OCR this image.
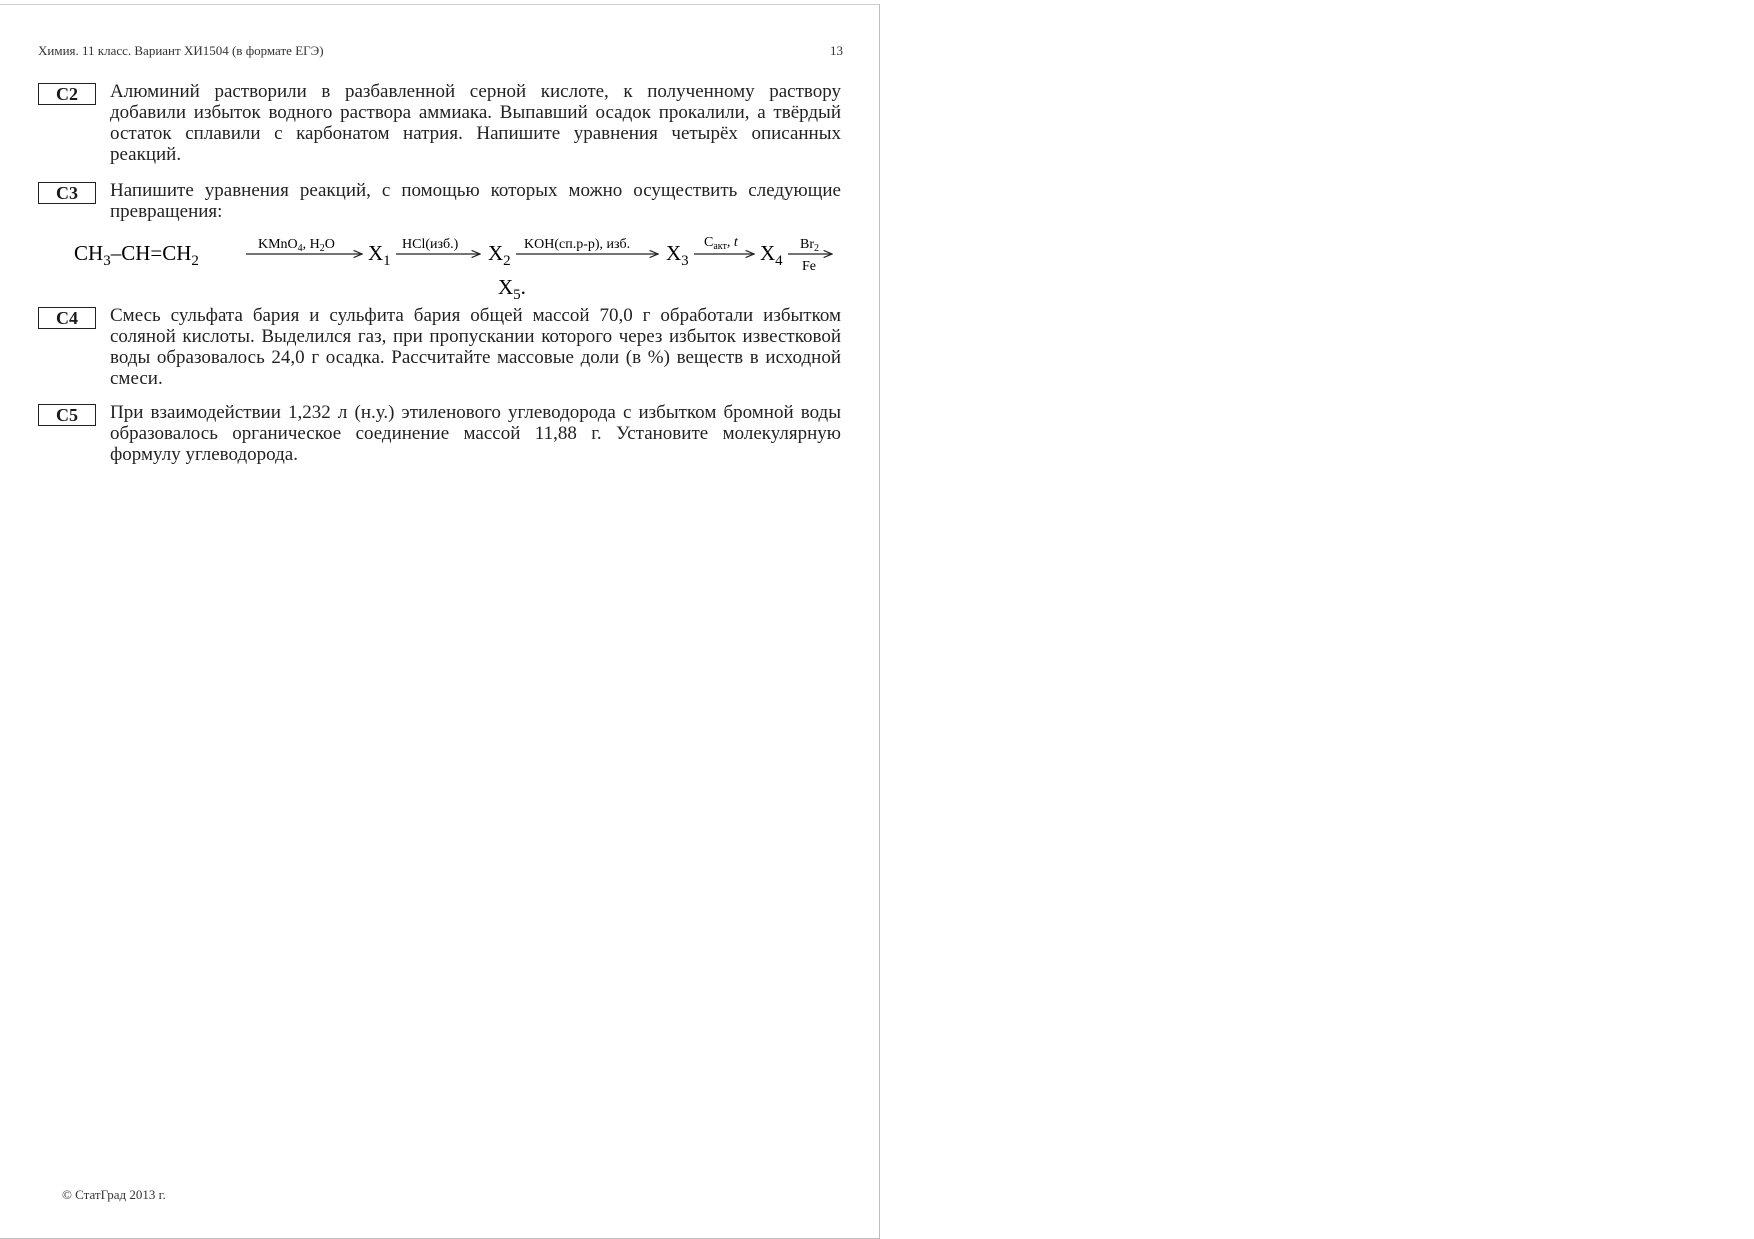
Химия. 11 класс. Вариант ХИ1504 (в формате ЕГЭ)	13
C2	Алюминий растворили в разбавленной серной кислоте, к полученному раствору добавили избыток водного раствора аммиака. Выпавший осадок прокалили, а твёрдый остаток сплавили с карбонатом натрия. Напишите уравнения четырёх описанных реакций.
C3	Напишите уравнения реакций, с помощью которых можно осуществить следующие превращения:
$CH_3-CH=CH_2$
KMnO$_4$, $H_2O$ $X_1$
HCl(изб.) $X_2$
KOH(сп.р-р), изб. $X_3$
$C_{акт}$, t $X_4$
$Br_2$
Fe
$X_5$.
C4	Смесь сульфата бария и сульфита бария общей массой 70,0 г обработали избытком соляной кислоты. Выделился газ, при пропускании которого через избыток известковой воды образовалось 24,0 г осадка. Рассчитайте массовые доли (в %) веществ в исходной смеси.
C5	При взаимодействии 1,232 л (н.у.) этиленового углеводорода с избытком бромной воды образовалось органическое соединение массой 11,88 г. Установите молекулярную формулу углеводорода.
© СтатГрад 2013 г.
